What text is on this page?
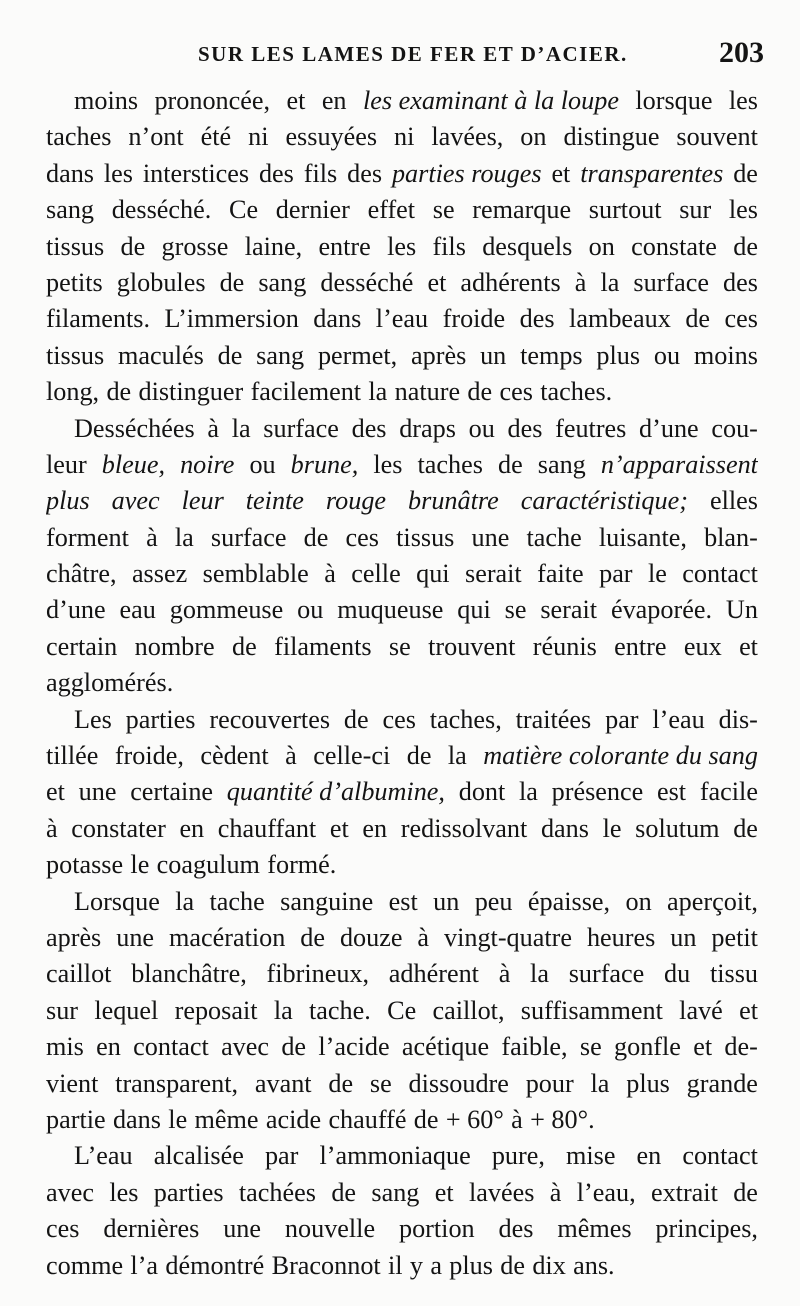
SUR LES LAMES DE FER ET D’ACIER.	203
moins prononcée, et en les examinant à la loupe lorsque les
taches n’ont été ni essuyées ni lavées, on distingue souvent
dans les interstices des fils des parties rouges et transparentes de
sang desséché. Ce dernier effet se remarque surtout sur les
tissus de grosse laine, entre les fils desquels on constate de
petits globules de sang desséché et adhérents à la surface des
filaments. L’immersion dans l’eau froide des lambeaux de ces
tissus maculés de sang permet, après un temps plus ou moins
long, de distinguer facilement la nature de ces taches.
Desséchées à la surface des draps ou des feutres d’une cou-
leur bleue, noire ou brune, les taches de sang n’apparaissent
plus avec leur teinte rouge brunâtre caractéristique; elles
forment à la surface de ces tissus une tache luisante, blan-
châtre, assez semblable à celle qui serait faite par le contact
d’une eau gommeuse ou muqueuse qui se serait évaporée. Un
certain nombre de filaments se trouvent réunis entre eux et
agglomérés.
Les parties recouvertes de ces taches, traitées par l’eau dis-
tillée froide, cèdent à celle-ci de la matière colorante du sang
et une certaine quantité d’albumine, dont la présence est facile
à constater en chauffant et en redissolvant dans le solutum de
potasse le coagulum formé.
Lorsque la tache sanguine est un peu épaisse, on aperçoit,
après une macération de douze à vingt-quatre heures un petit
caillot blanchâtre, fibrineux, adhérent à la surface du tissu
sur lequel reposait la tache. Ce caillot, suffisamment lavé et
mis en contact avec de l’acide acétique faible, se gonfle et de-
vient transparent, avant de se dissoudre pour la plus grande
partie dans le même acide chauffé de + 60° à + 80°.
L’eau alcalisée par l’ammoniaque pure, mise en contact
avec les parties tachées de sang et lavées à l’eau, extrait de
ces dernières une nouvelle portion des mêmes principes,
comme l’a démontré Braconnot il y a plus de dix ans.
